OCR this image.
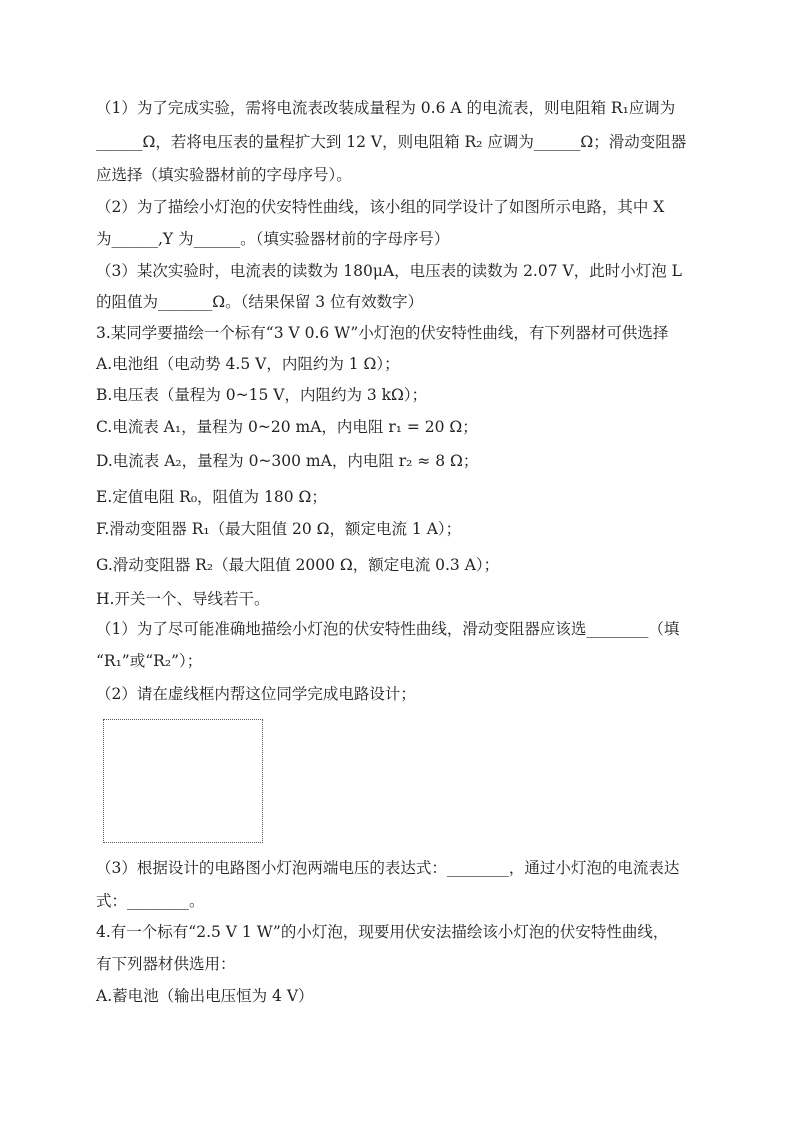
（1）为了完成实验，需将电流表改装成量程为 0.6 A 的电流表，则电阻箱 R₁应调为
______Ω，若将电压表的量程扩大到 12 V，则电阻箱 R₂ 应调为______Ω；滑动变阻器
应选择（填实验器材前的字母序号）。
（2）为了描绘小灯泡的伏安特性曲线，该小组的同学设计了如图所示电路，其中 X
为______,Y 为______。（填实验器材前的字母序号）
（3）某次实验时，电流表的读数为 180μA，电压表的读数为 2.07 V，此时小灯泡 L
的阻值为_______Ω。（结果保留 3 位有效数字）
3.某同学要描绘一个标有“3 V 0.6 W”小灯泡的伏安特性曲线，有下列器材可供选择
A.电池组（电动势 4.5 V，内阻约为 1 Ω）；
B.电压表（量程为 0~15 V，内阻约为 3 kΩ）；
C.电流表 A₁，量程为 0~20 mA，内电阻 r₁ = 20 Ω；
D.电流表 A₂，量程为 0~300 mA，内电阻 r₂ ≈ 8 Ω；
E.定值电阻 R₀，阻值为 180 Ω；
F.滑动变阻器 R₁（最大阻值 20 Ω，额定电流 1 A）；
G.滑动变阻器 R₂（最大阻值 2000 Ω，额定电流 0.3 A）；
H.开关一个、导线若干。
（1）为了尽可能准确地描绘小灯泡的伏安特性曲线，滑动变阻器应该选________（填
“R₁”或“R₂”）；
（2）请在虚线框内帮这位同学完成电路设计；
（3）根据设计的电路图小灯泡两端电压的表达式：________，通过小灯泡的电流表达
式：________。
4.有一个标有“2.5 V 1 W”的小灯泡，现要用伏安法描绘该小灯泡的伏安特性曲线，
有下列器材供选用：
A.蓄电池（输出电压恒为 4 V）
